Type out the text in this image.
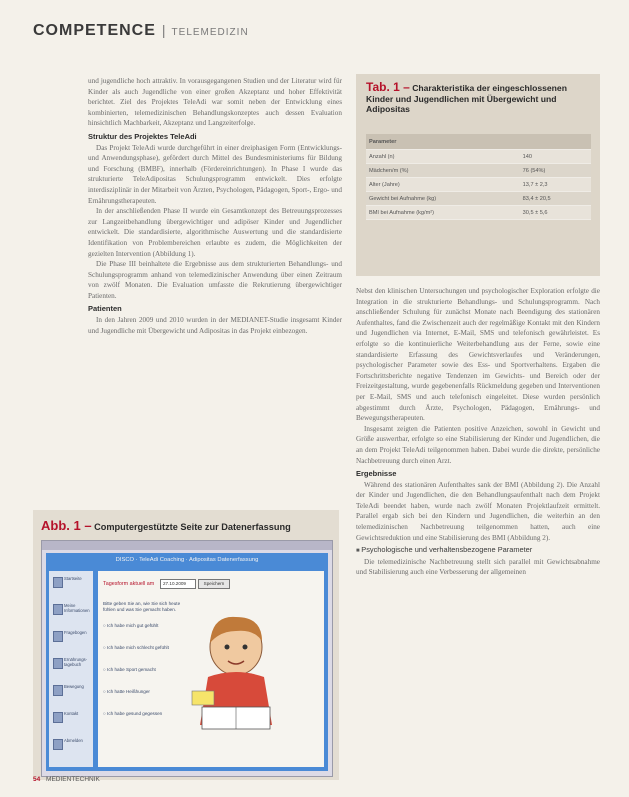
COMPETENCE | TELEMEDIZIN

und jugendliche hoch attraktiv. In vorausgegangenen Studien und der Literatur wird für Kinder als auch Jugendliche von einer großen Akzeptanz und hoher Effektivität berichtet. Ziel des Projektes TeleAdi war somit neben der Entwicklung eines kombinierten, telemedizinischen Behandlungskonzeptes auch dessen Evaluation hinsichtlich Machbarkeit, Akzeptanz und Langzeiterfolge.

Struktur des Projektes TeleAdi

Das Projekt TeleAdi wurde durchgeführt in einer dreiphasigen Form (Entwicklungs- und Anwendungsphase), gefördert durch Mittel des Bundesministeriums für Bildung und Forschung (BMBF), innerhalb (Fördereinrichtungen). In Phase I wurde das strukturierte TeleAdipositas Schulungsprogramm entwickelt. Dies erfolgte interdisziplinär in der Mitarbeit von Ärzten, Psychologen, Pädagogen, Sport-, Ergo- und Ernährungstherapeuten.

In der anschließenden Phase II wurde ein Gesamtkonzept des Betreuungsprozesses zur Langzeitbehandlung übergewichtiger und adipöser Kinder und Jugendlicher entwickelt. Die standardisierte, algorithmische Auswertung und die standardisierte Identifikation von Problembereichen erlaubte es zudem, die Möglichkeiten der gezielten Intervention (Abbildung 1).

Die Phase III beinhaltete die Ergebnisse aus dem strukturierten Behandlungs- und Schulungsprogramm anhand von telemedizinischer Anwendung über einen Zeitraum von zwölf Monaten. Die Evaluation umfasste die Rekrutierung übergewichtiger Patienten.

Patienten

In den Jahren 2009 und 2010 wurden in der MEDIANET-Studie insgesamt Kinder und Jugendliche mit Übergewicht und Adipositas in das Projekt einbezogen.

Nebst den klinischen Untersuchungen und psychologischer Exploration erfolgte die Integration in die strukturierte Behandlungs- und Schulungsprogramm. Nach anschließender Schulung für zunächst Monate nach Beendigung des stationären Aufenthaltes, fand die Zwischenzeit auch der regelmäßige Kontakt mit den Kindern und Jugendlichen via Internet, E-Mail, SMS und telefonisch gewährleistet. Es erfolgte so die kontinuierliche Weiterbehandlung aus der Ferne, sowie eine standardisierte Erfassung des Gewichtsverlaufes und Veränderungen, psychologischer Parameter sowie des Ess- und Sportverhaltens. Ergaben die Fortschrittsberichte negative Tendenzen im Gewichts- und Bereich oder der Freizeitgestaltung, wurde gegebenenfalls Rückmeldung gegeben und Interventionen per E-Mail, SMS und auch telefonisch eingeleitet. Diese wurden persönlich abgestimmt durch Ärzte, Psychologen, Pädagogen, Ernährungs- und Bewegungstherapeuten.

Insgesamt zeigten die Patienten positive Anzeichen, sowohl in Gewicht und Größe auswertbar, erfolgte so eine Stabilisierung der Kinder und Jugendlichen, die an dem Projekt TeleAdi teilgenommen haben. Dabei wurde die direkte, persönliche Nachbetreuung durch einen Arzt.

Ergebnisse

Während des stationären Aufenthaltes sank der BMI (Abbildung 2). Die Anzahl der Kinder und Jugendlichen, die den Behandlungsaufenthalt nach dem Projekt TeleAdi beendet haben, wurde nach zwölf Monaten Projektlaufzeit ermittelt. Parallel ergab sich bei den Kindern und Jugendlichen, die weiterhin an den telemedizinischen Nachbetreuung teilgenommen hatten, auch eine Gewichtsreduktion und eine Stabilisierung des BMI (Abbildung 2).

■ Psychologische und verhaltensbezogene Parameter

Die telemedizinische Nachbetreuung stellt sich parallel mit Gewichtsabnahme und Stabilisierung auch eine Verbesserung der allgemeinen

Tab. 1 – Charakteristika der eingeschlossenen Kinder und Jugendlichen mit Übergewicht und Adipositas
Parameter	
Anzahl (n)	140
Mädchen/m (%)	76 (54%)
Alter (Jahre)	13,7 ± 2,3
Gewicht bei Aufnahme (kg)	83,4 ± 20,5
BMI bei Aufnahme (kg/m²)	30,5 ± 5,6
Abb. 1 – Computergestützte Seite zur Datenerfassung
DISCO · TeleAdi Coaching · Adipositas Datenerfassung
Startseite
Meine Informationen
Fragebogen
Ernährungs-tagebuch
Bewegung
Kontakt
Abmelden
Tagesform aktuell am	27.10.2009	Speichern
Bitte geben Sie an, wie Sie sich heute fühlen und was Sie gemacht haben.
○ Ich habe mich gut gefühlt
○ Ich habe mich schlecht gefühlt
○ Ich habe Sport gemacht
○ Ich hatte Heißhunger
○ Ich habe gesund gegessen
54 MEDIENTECHNIK
